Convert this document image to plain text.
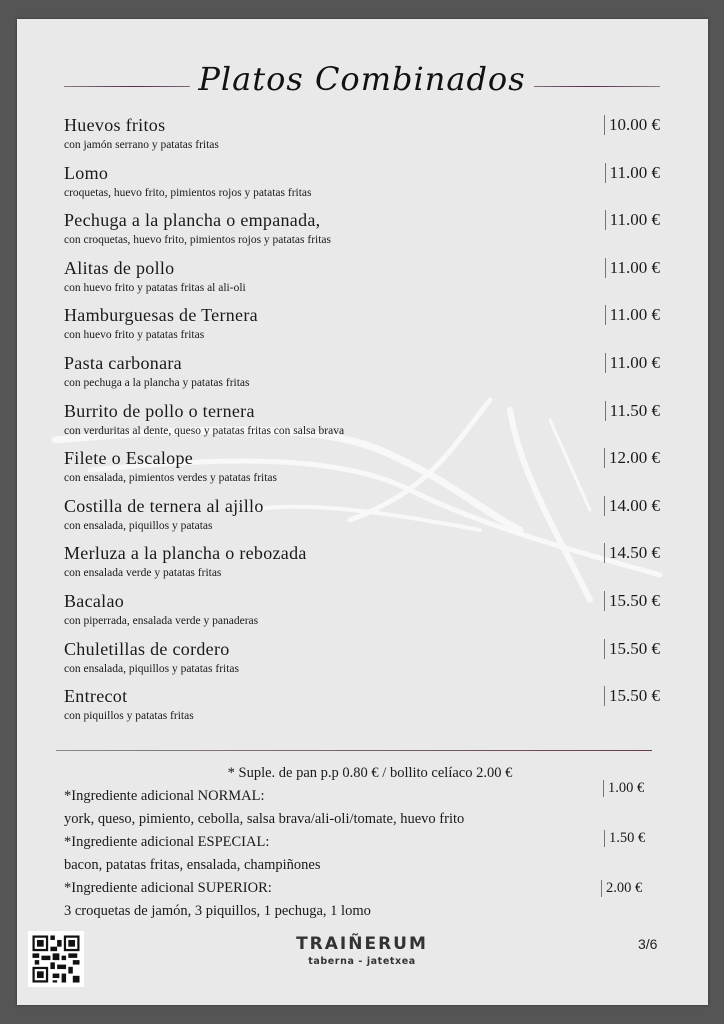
Platos Combinados
Huevos fritos
con jamón serrano y patatas fritas
10.00 €
Lomo
croquetas, huevo frito, pimientos rojos y patatas fritas
11.00 €
Pechuga a la plancha o empanada,
con croquetas, huevo frito, pimientos rojos y patatas fritas
11.00 €
Alitas de pollo
con huevo frito y patatas fritas al ali-oli
11.00 €
Hamburguesas de Ternera
con huevo frito y patatas fritas
11.00 €
Pasta carbonara
con pechuga a la plancha y patatas fritas
11.00 €
Burrito de pollo o ternera
con verduritas al dente, queso y patatas fritas con salsa brava
11.50 €
Filete o Escalope
con ensalada, pimientos verdes y patatas fritas
12.00 €
Costilla de ternera al ajillo
con ensalada, piquillos y patatas
14.00 €
Merluza a la plancha o rebozada
con ensalada verde y patatas fritas
14.50 €
Bacalao
con piperrada, ensalada verde y panaderas
15.50 €
Chuletillas de cordero
con ensalada, piquillos y patatas fritas
15.50 €
Entrecot
con piquillos y patatas fritas
15.50 €
* Suple. de pan p.p 0.80 € / bollito celíaco 2.00 €
*Ingrediente adicional NORMAL:
york, queso, pimiento, cebolla, salsa brava/ali-oli/tomate, huevo frito
1.00 €
*Ingrediente adicional ESPECIAL:
bacon, patatas fritas, ensalada, champiñones
1.50 €
*Ingrediente adicional SUPERIOR:
3 croquetas de jamón, 3 piquillos, 1 pechuga, 1 lomo
2.00 €
TRAIÑERUM
taberna - jatetxea
3/6
